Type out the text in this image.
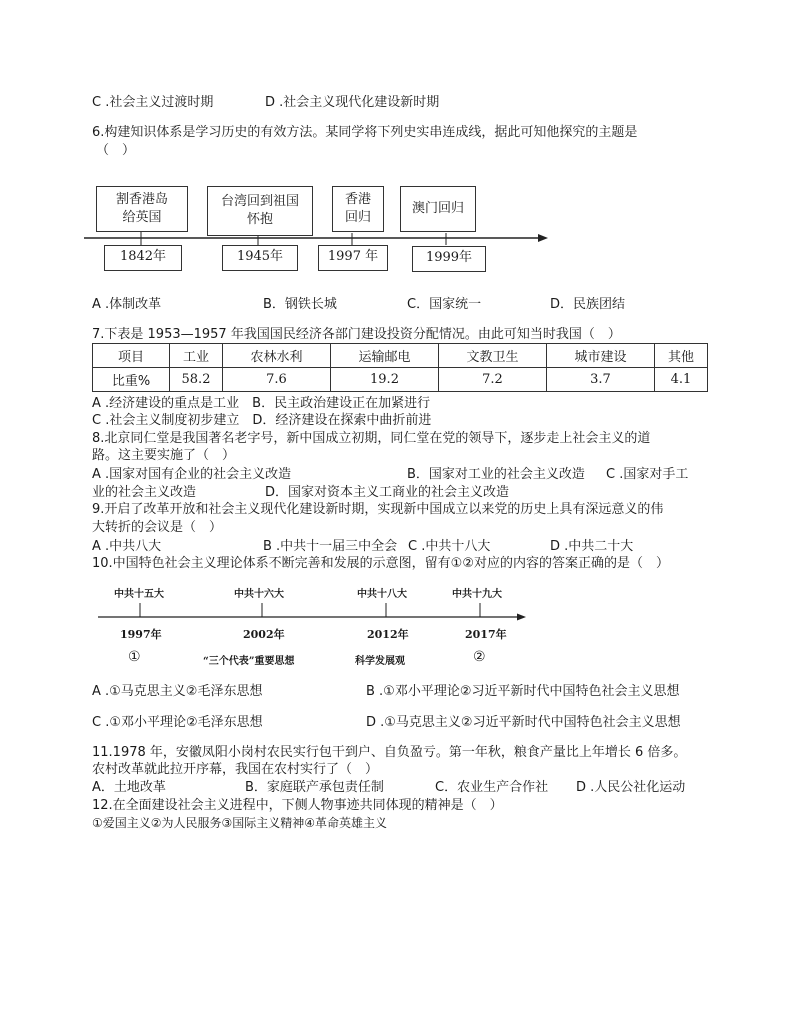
C .社会主义过渡时期	D .社会主义现代化建设新时期
6.构建知识体系是学习历史的有效方法。某同学将下列史实串连成线，据此可知他探究的主题是
（　）
割香港岛
给英国
台湾回到祖国
怀抱
香港
回归
澳门回归
1842年	1945年	1997 年	1999年
A .体制改革	B．钢铁长城	C．国家统一	D．民族团结
7.下表是 1953—1957 年我国国民经济各部门建设投资分配情况。由此可知当时我国（　）
项目	工业	农林水利	运输邮电	文教卫生	城市建设	其他
比重%	58.2	7.6	19.2	7.2	3.7	4.1
A .经济建设的重点是工业　B．民主政治建设正在加紧进行
C .社会主义制度初步建立　D．经济建设在探索中曲折前进
8.北京同仁堂是我国著名老字号，新中国成立初期，同仁堂在党的领导下，逐步走上社会主义的道
路。这主要实施了（　）
A .国家对国有企业的社会主义改造	B．国家对工业的社会主义改造 C .国家对手工
业的社会主义改造	D．国家对资本主义工商业的社会主义改造
9.开启了改革开放和社会主义现代化建设新时期，实现新中国成立以来党的历史上具有深远意义的伟
大转折的会议是（　）
A .中共八大	B .中共十一届三中全会 C .中共十八大	D .中共二十大
10.中国特色社会主义理论体系不断完善和发展的示意图，留有①②对应的内容的答案正确的是（　）
中共十五大	中共十六大	中共十八大	中共十九大
1997年	2002年	2012年	2017年
①	“三个代表”重要思想	科学发展观	②
A .①马克思主义②毛泽东思想	B .①邓小平理论②习近平新时代中国特色社会主义思想
C .①邓小平理论②毛泽东思想	D .①马克思主义②习近平新时代中国特色社会主义思想
11.1978 年，安徽凤阳小岗村农民实行包干到户、自负盈亏。第一年秋，粮食产量比上年增长 6 倍多。
农村改革就此拉开序幕，我国在农村实行了（　）
A．土地改革	B．家庭联产承包责任制	C．农业生产合作社 D .人民公社化运动
12.在全面建设社会主义进程中，下侧人物事迹共同体现的精神是（　）
①爱国主义②为人民服务③国际主义精神④革命英雄主义
